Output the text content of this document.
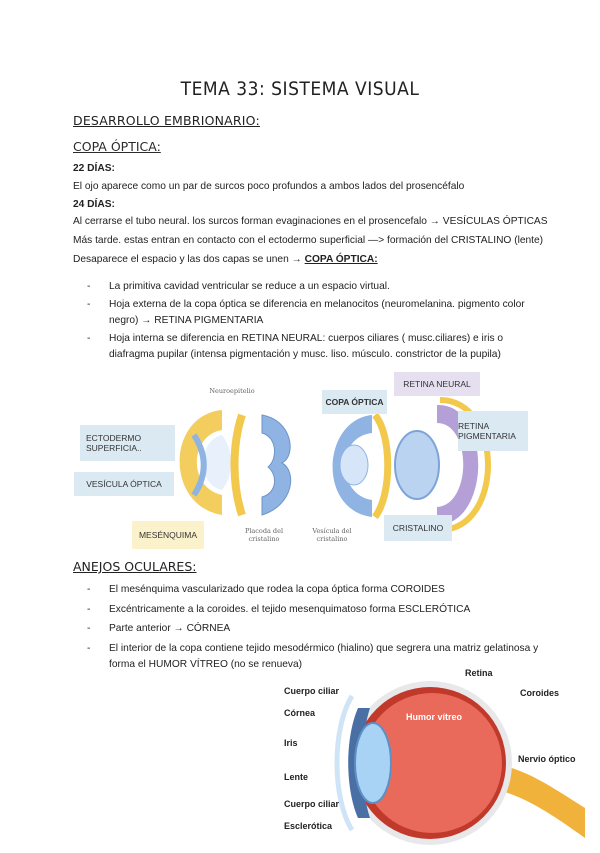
TEMA 33: SISTEMA VISUAL
DESARROLLO EMBRIONARIO:
COPA ÓPTICA:
22 DÍAS:
El ojo aparece como un par de surcos poco profundos a ambos lados del prosencéfalo
24 DÍAS:
Al cerrarse el tubo neural. los surcos forman evaginaciones en el prosencefalo → VESÍCULAS ÓPTICAS
Más tarde. estas entran en contacto con el ectodermo superficial —> formación del CRISTALINO (lente)
Desaparece el espacio y las dos capas se unen → COPA ÓPTICA:
- La primitiva cavidad ventricular se reduce a un espacio virtual.
- Hoja externa de la copa óptica se diferencia en melanocitos (neuromelanina. pigmento color
negro) → RETINA PIGMENTARIA
- Hoja interna se diferencia en RETINA NEURAL: cuerpos ciliares ( musc.ciliares) e iris o
diafragma pupilar (intensa pigmentación y musc. liso. músculo. constrictor de la pupila)
ECTODERMO SUPERFICIA..
VESÍCULA ÓPTICA
MESÉNQUIMA
COPA ÓPTICA
RETINA NEURAL
RETINA PIGMENTARIA
CRISTALINO
Neuroepitelio
Placoda del cristalino
Vesícula del cristalino
ANEJOS OCULARES:
- El mesénquima vascularizado que rodea la copa óptica forma COROIDES
- Excéntricamente a la coroides. el tejido mesenquimatoso forma ESCLERÓTICA
- Parte anterior → CÓRNEA
- El interior de la copa contiene tejido mesodérmico (hialino) que segrera una matriz gelatinosa y
forma el HUMOR VÍTREO (no se renueva)
Cuerpo ciliar
Córnea
Iris
Lente
Cuerpo ciliar
Esclerótica
Retina
Coroides
Humor vítreo
Nervio óptico
